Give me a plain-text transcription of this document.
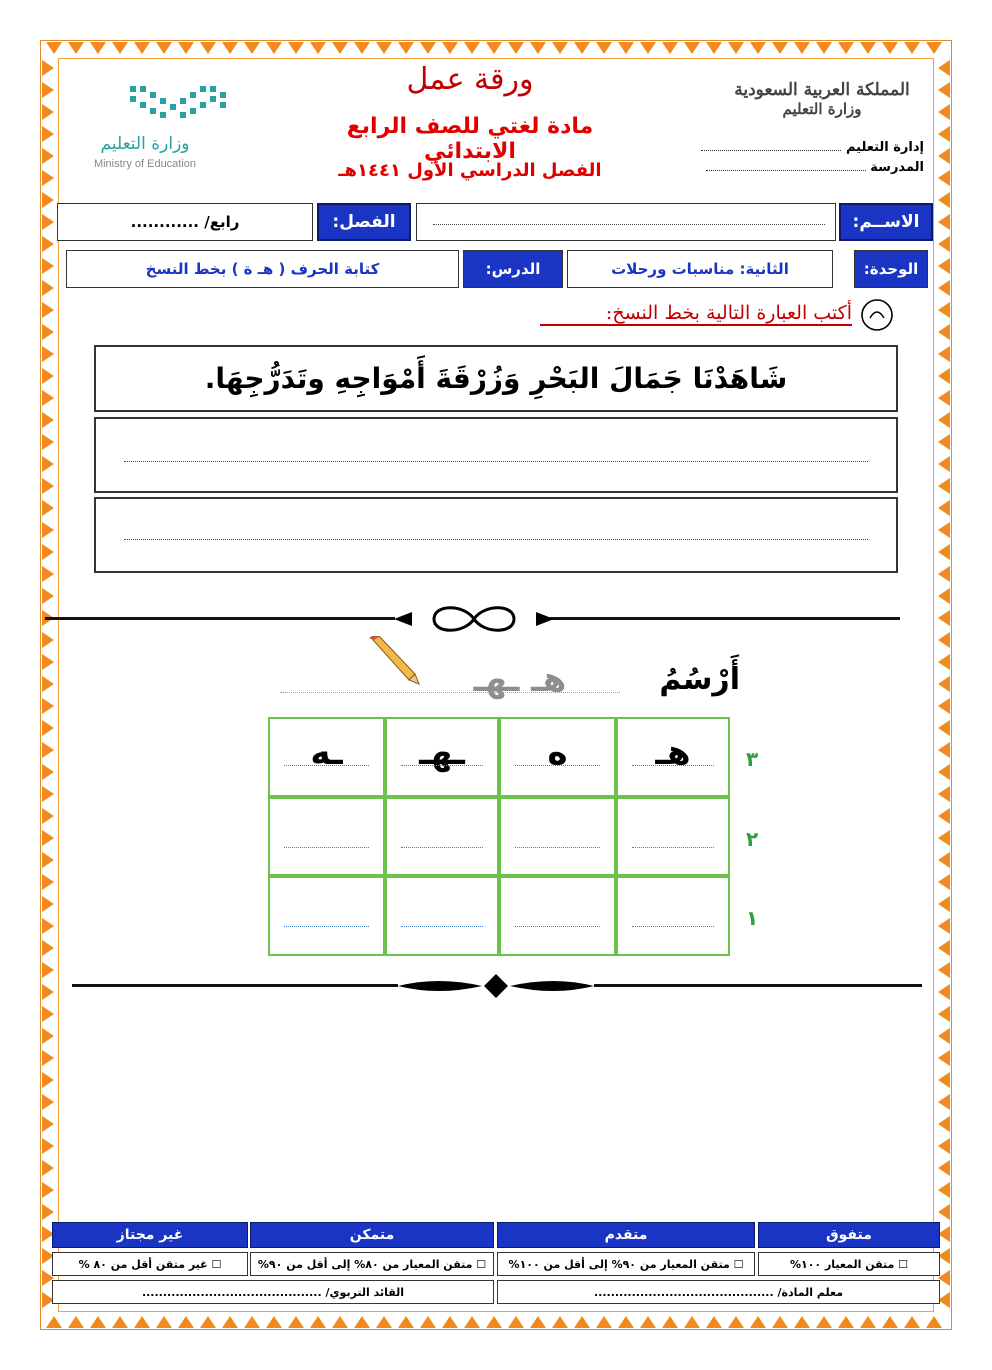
ورقة عمل
مادة لغتي للصف الرابع الابتدائي
الفصل الدراسي الأول ١٤٤١هـ
المملكة العربية السعودية
وزارة التعليم
إدارة التعليم
المدرسة
وزارة التعليم
Ministry of Education
الاســم:
الفصل:
رابع/ ............
الوحدة:
الثانية: مناسبات ورحلات
الدرس:
كتابة الحرف ( هـ ة ) بخط النسخ
أكتب العبارة التالية بخط النسخ:
شَاهَدْنَا جَمَالَ البَحْرِ وَزُرْقَةَ أَمْوَاجِهِ وتَدَرُّجِهَا.
هـ ـهـ	أَرْسُمُ
هـ
ه
ـهـ
ـه	٣
٢
١
متفوق
متقدم
متمكن
غير مجتاز
☐ متقن المعيار ١٠٠%
☐ متقن المعيار من ٩٠% إلى أقل من ١٠٠%
☐ متقن المعيار من ٨٠% إلى أقل من ٩٠%
☐ غير متقن أقل من ٨٠ %
معلم المادة/ ...........................................
القائد التربوي/ ...........................................
